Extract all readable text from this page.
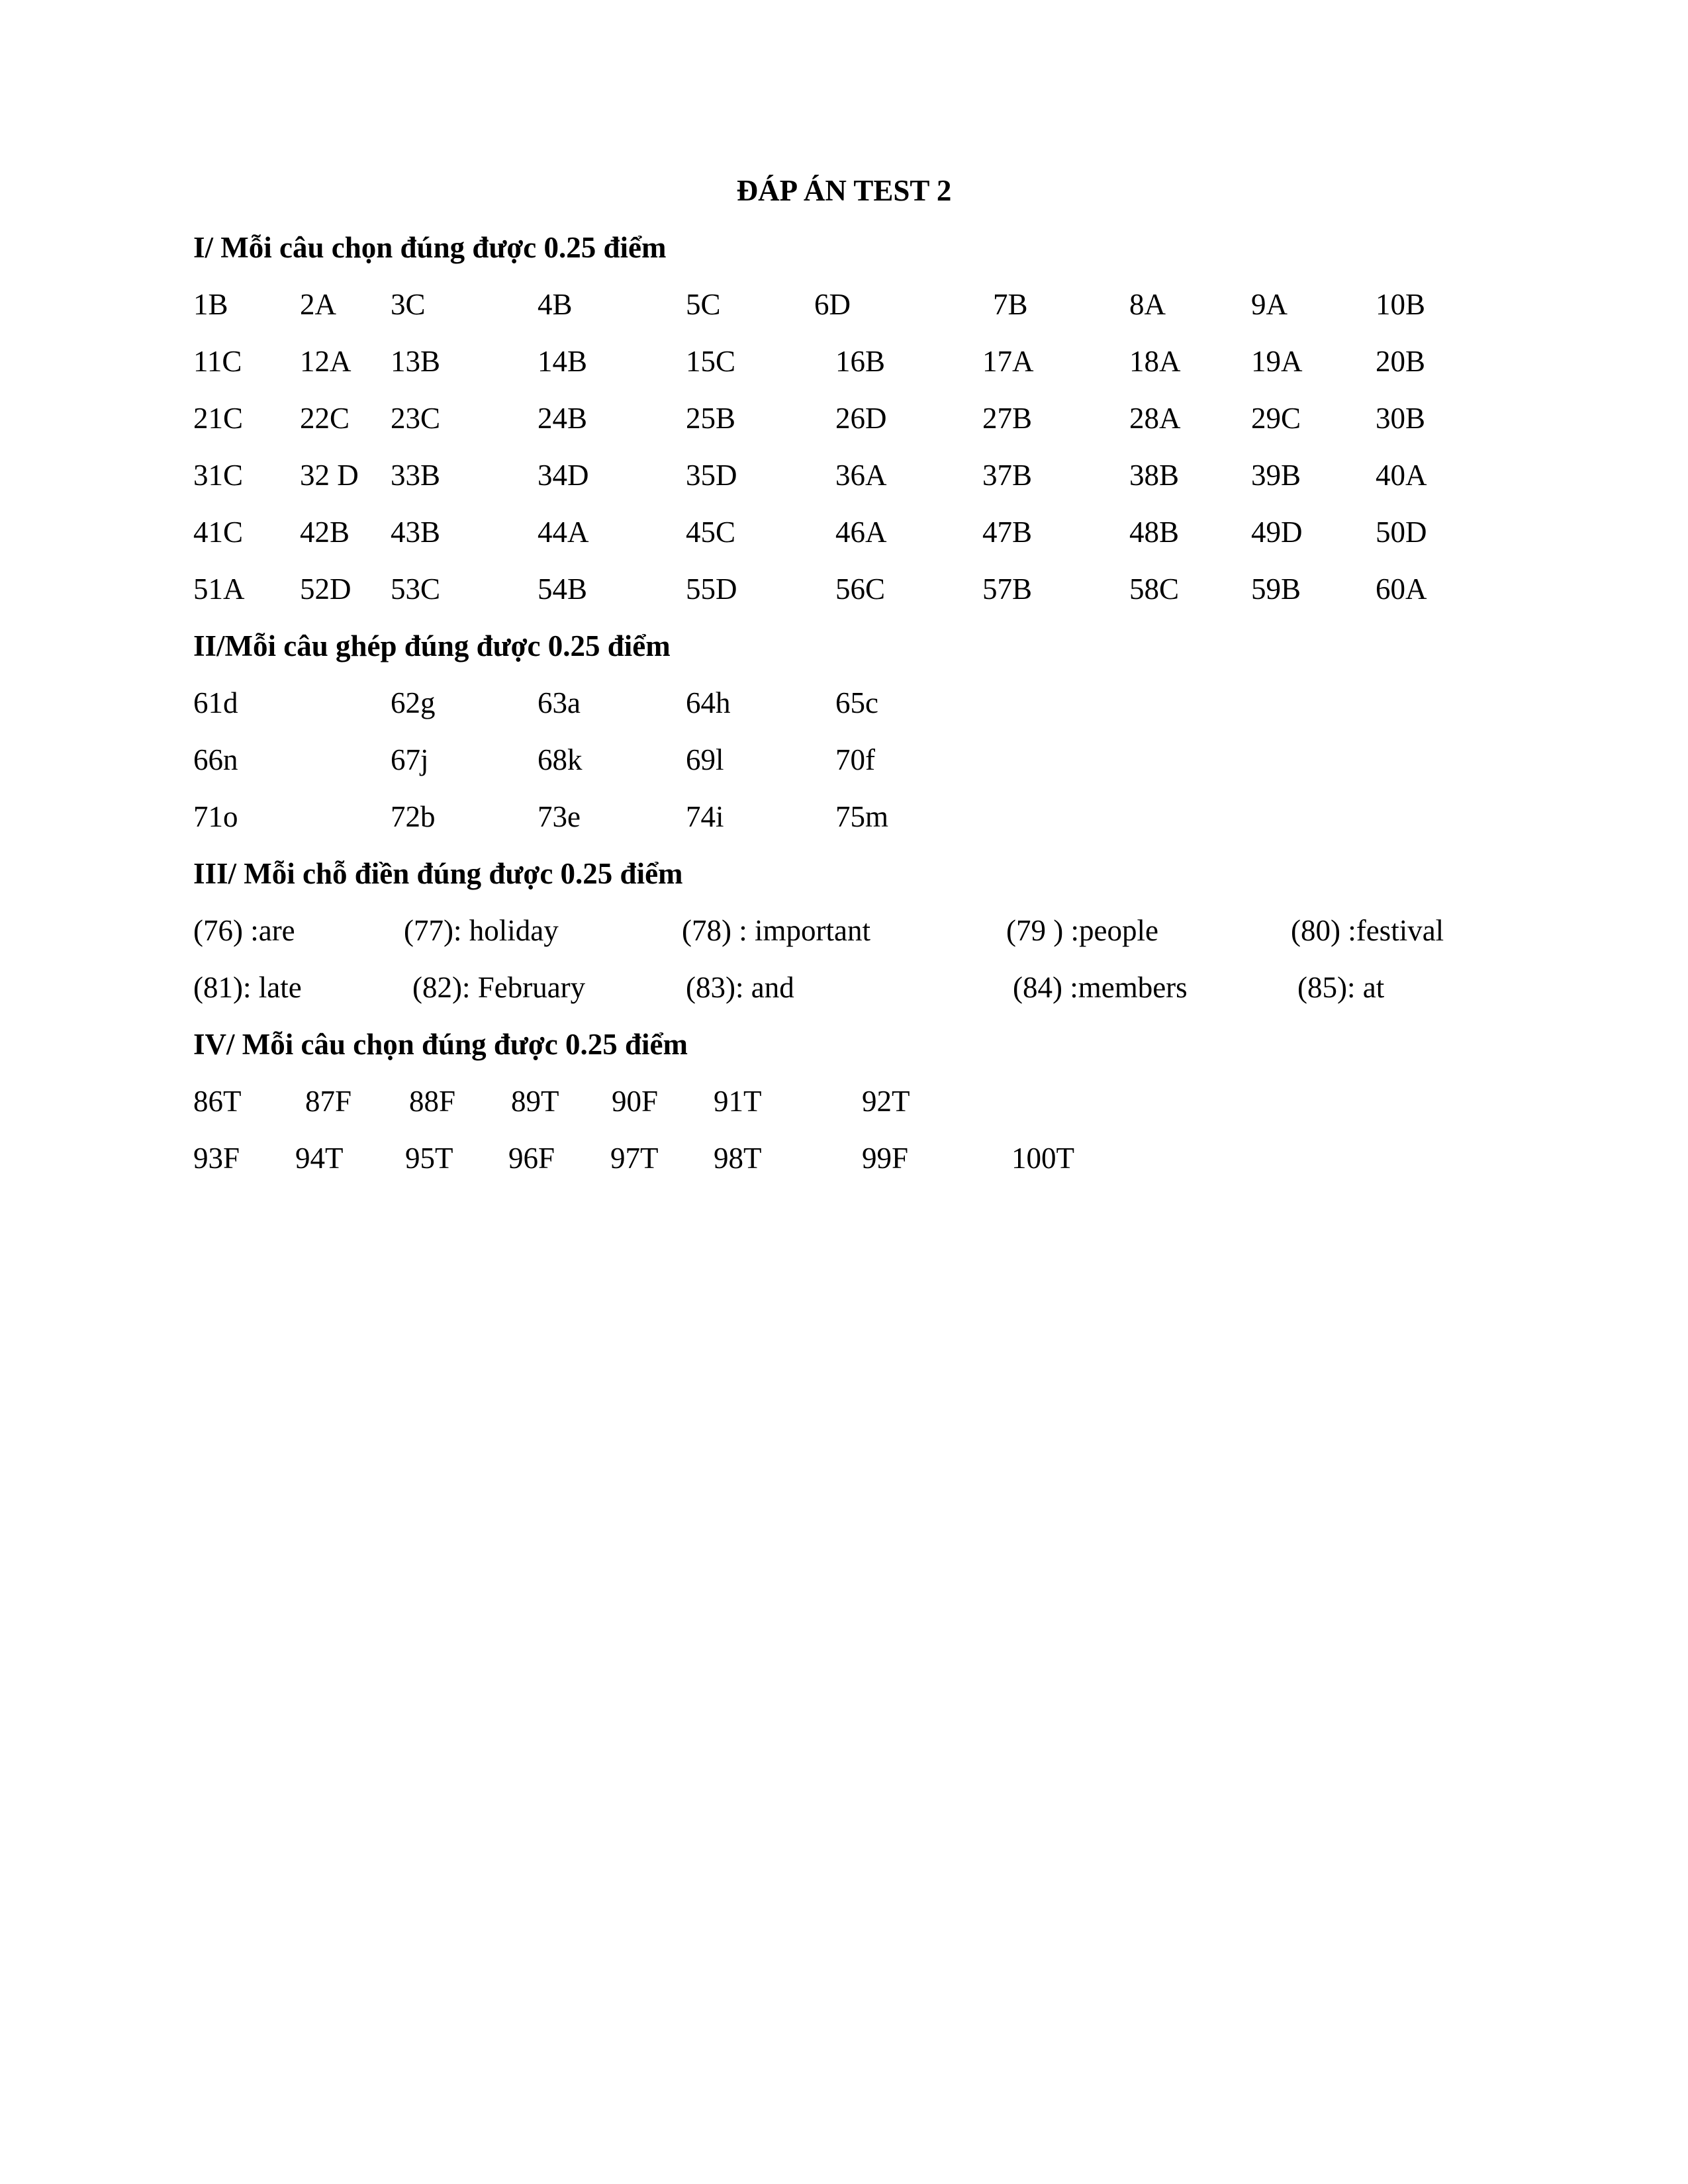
ĐÁP ÁN TEST 2
I/ Mỗi câu chọn đúng được 0.25 điểm
1B 2A 3C	4B	5C	6D	7B	8A	9A	10B
11C 12A 13B	14B	15C	16B	17A	18A 19A 20B
21C 22C 23C	24B	25B	26D	27B	28A 29C	30B
31C 32 D 33B	34D	35D	36A	37B	38B 39B	40A
41C 42B 43B	44A	45C	46A	47B	48B 49D 50D
51A 52D 53C	54B	55D	56C	57B	58C 59B	60A
II/Mỗi câu ghép đúng được 0.25 điểm
61d	62g	63a	64h	65c
66n	67j	68k	69l	70f
71o	72b	73e	74i	75m
III/ Mỗi chỗ điền đúng được 0.25 điểm
(76) :are	(77): holiday	(78) : important	(79 ) :people	(80) :festival
(81): late	(82): February	(83): and	(84) :members	(85): at
IV/ Mỗi câu chọn đúng được 0.25 điểm
86T 87F 88F 89T 90F 91T	92T
93F 94T 95T 96F 97T 98T	99F	100T
